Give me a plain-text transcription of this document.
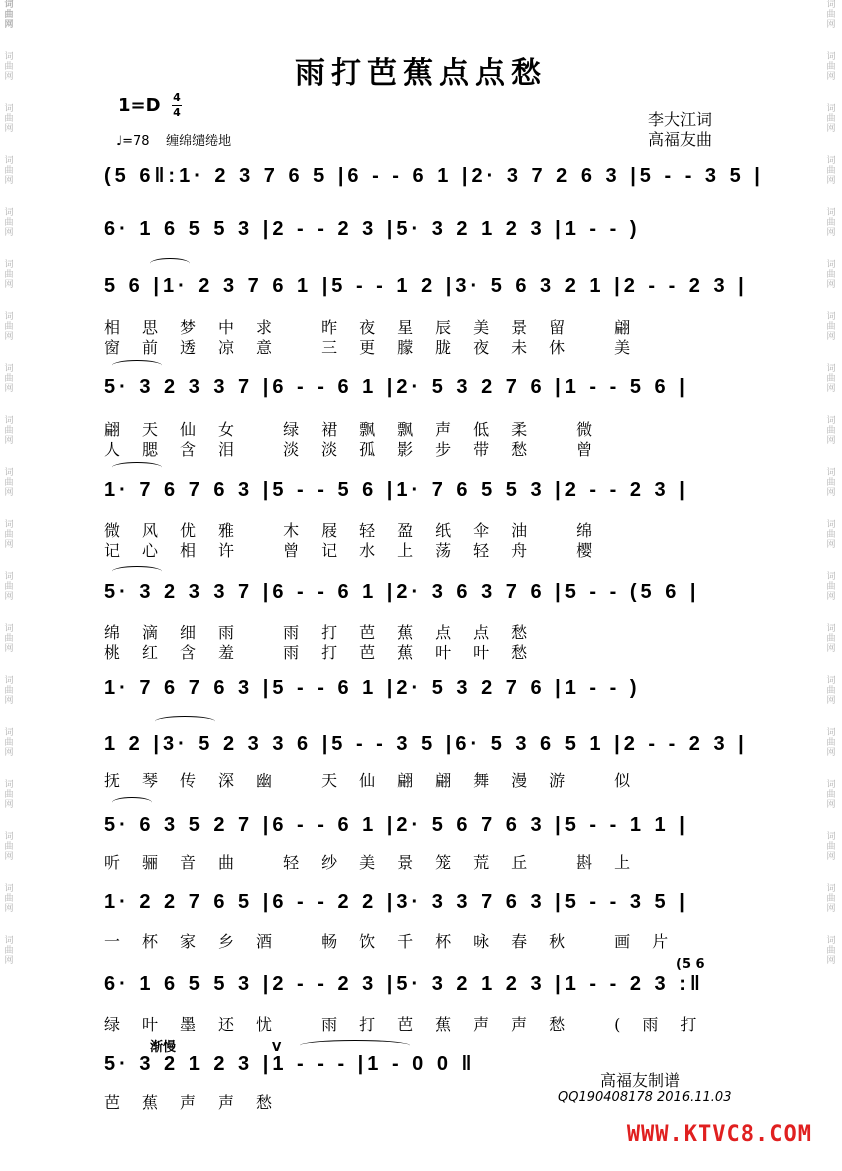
词
曲
网
词
曲
网
词
曲
网
词
曲
网
词
曲
网
词
曲
网
词
曲
网
词
曲
网
词
曲
网
词
曲
网
词
曲
网
词
曲
网
词
曲
网
词
曲
网
词
曲
网
词
曲
网
词
曲
网
词
曲
网
词
曲
网
词
曲
网
词
曲
网
词
曲
网
词
曲
网
词
曲
网
词
曲
网
词
曲
网
词
曲
网
词
曲
网
词
曲
网
词
曲
网
词
曲
网
词
曲
网
词
曲
网
词
曲
网
词
曲
网
词
曲
网
词
曲
网
词
曲
网
雨打芭蕉点点愁
1=D 4
4
♩=78 缠绵缱绻地
李大江词
高福友曲
(5 6‖:1· 2 3 7 6 5 |6 - - 6 1 |2· 3 7 2 6 3 |5 - - 3 5 |
6· 1 6 5 5 3 |2 - - 2 3 |5· 3 2 1 2 3 |1 - - )
5 6 |1· 2 3 7 6 1 |5 - - 1 2 |3· 5 6 3 2 1 |2 - - 2 3 |
相思梦中求 昨夜星辰美景留 翩
窗前透凉意 三更朦胧夜未休 美
5· 3 2 3 3 7 |6 - - 6 1 |2· 5 3 2 7 6 |1 - - 5 6 |
翩天仙女 绿裙飘飘声低柔 微
人腮含泪 淡淡孤影步带愁 曾
1· 7 6 7 6 3 |5 - - 5 6 |1· 7 6 5 5 3 |2 - - 2 3 |
微风优雅 木屐轻盈纸伞油 绵
记心相许 曾记水上荡轻舟 樱
5· 3 2 3 3 7 |6 - - 6 1 |2· 3 6 3 7 6 |5 - - (5 6 |
绵滴细雨 雨打芭蕉点点愁
桃红含羞 雨打芭蕉叶叶愁
1· 7 6 7 6 3 |5 - - 6 1 |2· 5 3 2 7 6 |1 - - )
1 2 |3· 5 2 3 3 6 |5 - - 3 5 |6· 5 3 6 5 1 |2 - - 2 3 |
抚琴传深幽 天仙翩翩舞漫游 似
5· 6 3 5 2 7 |6 - - 6 1 |2· 5 6 7 6 3 |5 - - 1 1 |
听骊音曲 轻纱美景笼荒丘 斟上
1· 2 2 7 6 5 |6 - - 2 2 |3· 3 3 7 6 3 |5 - - 3 5 |
一杯家乡酒 畅饮千杯咏春秋 画片
(5 6
6· 1 6 5 5 3 |2 - - 2 3 |5· 3 2 1 2 3 |1 - - 2 3 :‖
绿叶墨还忧 雨打芭蕉声声愁 (雨打
渐慢	V
5· 3 2 1 2 3 |1 - - - |1 - 0 0 ‖
芭蕉声声愁
高福友制谱
QQ190408178 2016.11.03
WWW.KTVC8.COM
